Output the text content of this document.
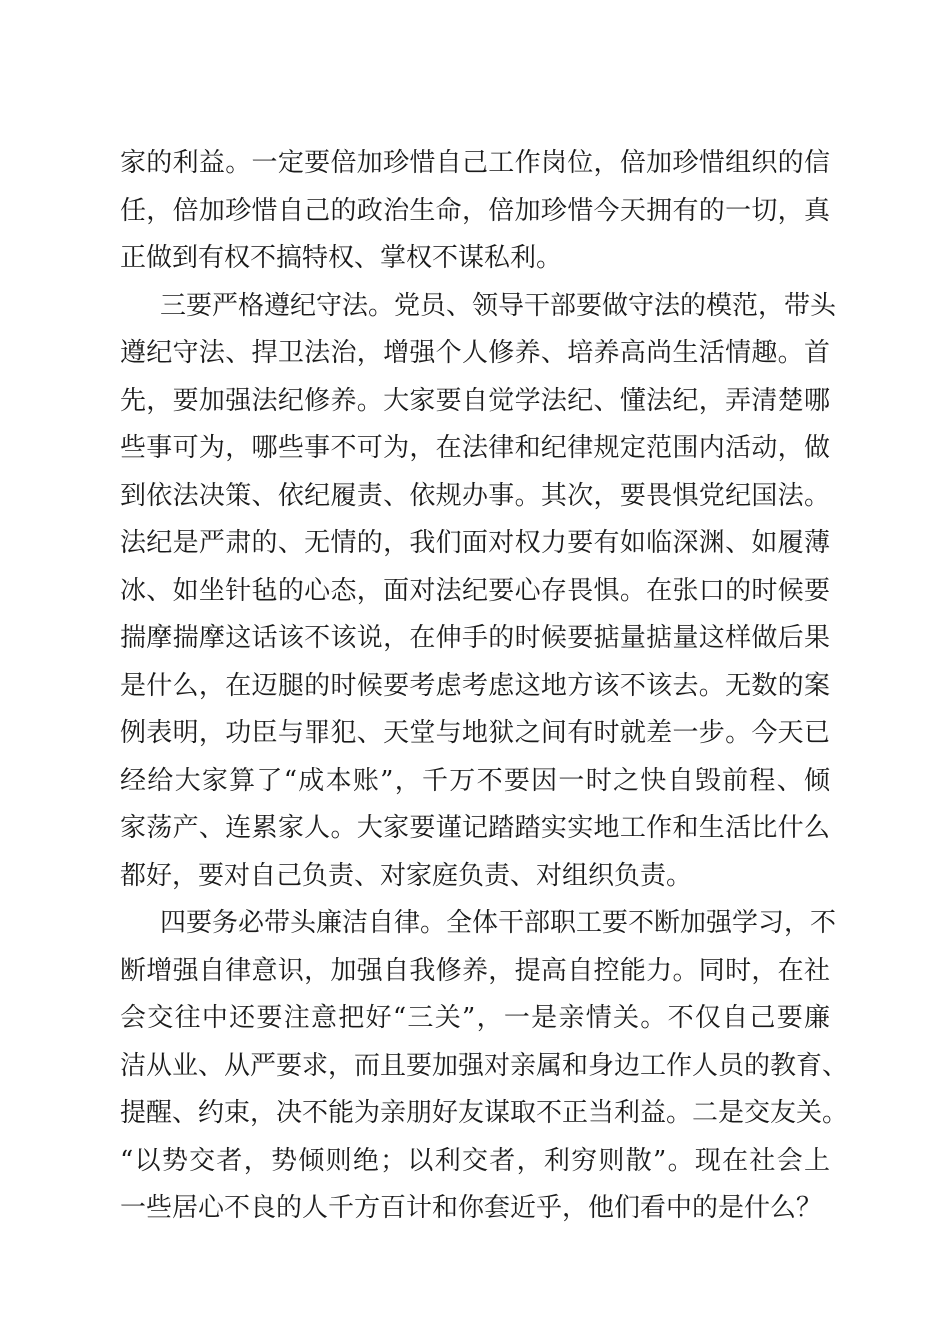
家的利益。一定要倍加珍惜自己工作岗位，倍加珍惜组织的信
任，倍加珍惜自己的政治生命，倍加珍惜今天拥有的一切，真
正做到有权不搞特权、掌权不谋私利。
三要严格遵纪守法。党员、领导干部要做守法的模范，带头
遵纪守法、捍卫法治，增强个人修养、培养高尚生活情趣。首
先，要加强法纪修养。大家要自觉学法纪、懂法纪，弄清楚哪
些事可为，哪些事不可为，在法律和纪律规定范围内活动，做
到依法决策、依纪履责、依规办事。其次，要畏惧党纪国法。
法纪是严肃的、无情的，我们面对权力要有如临深渊、如履薄
冰、如坐针毡的心态，面对法纪要心存畏惧。在张口的时候要
揣摩揣摩这话该不该说，在伸手的时候要掂量掂量这样做后果
是什么，在迈腿的时候要考虑考虑这地方该不该去。无数的案
例表明，功臣与罪犯、天堂与地狱之间有时就差一步。今天已
经给大家算了“成本账”，千万不要因一时之快自毁前程、倾
家荡产、连累家人。大家要谨记踏踏实实地工作和生活比什么
都好，要对自己负责、对家庭负责、对组织负责。
四要务必带头廉洁自律。全体干部职工要不断加强学习，不
断增强自律意识，加强自我修养，提高自控能力。同时，在社
会交往中还要注意把好“三关”，一是亲情关。不仅自己要廉
洁从业、从严要求，而且要加强对亲属和身边工作人员的教育、
提醒、约束，决不能为亲朋好友谋取不正当利益。二是交友关。
“以势交者，势倾则绝；以利交者，利穷则散”。现在社会上
一些居心不良的人千方百计和你套近乎，他们看中的是什么？
